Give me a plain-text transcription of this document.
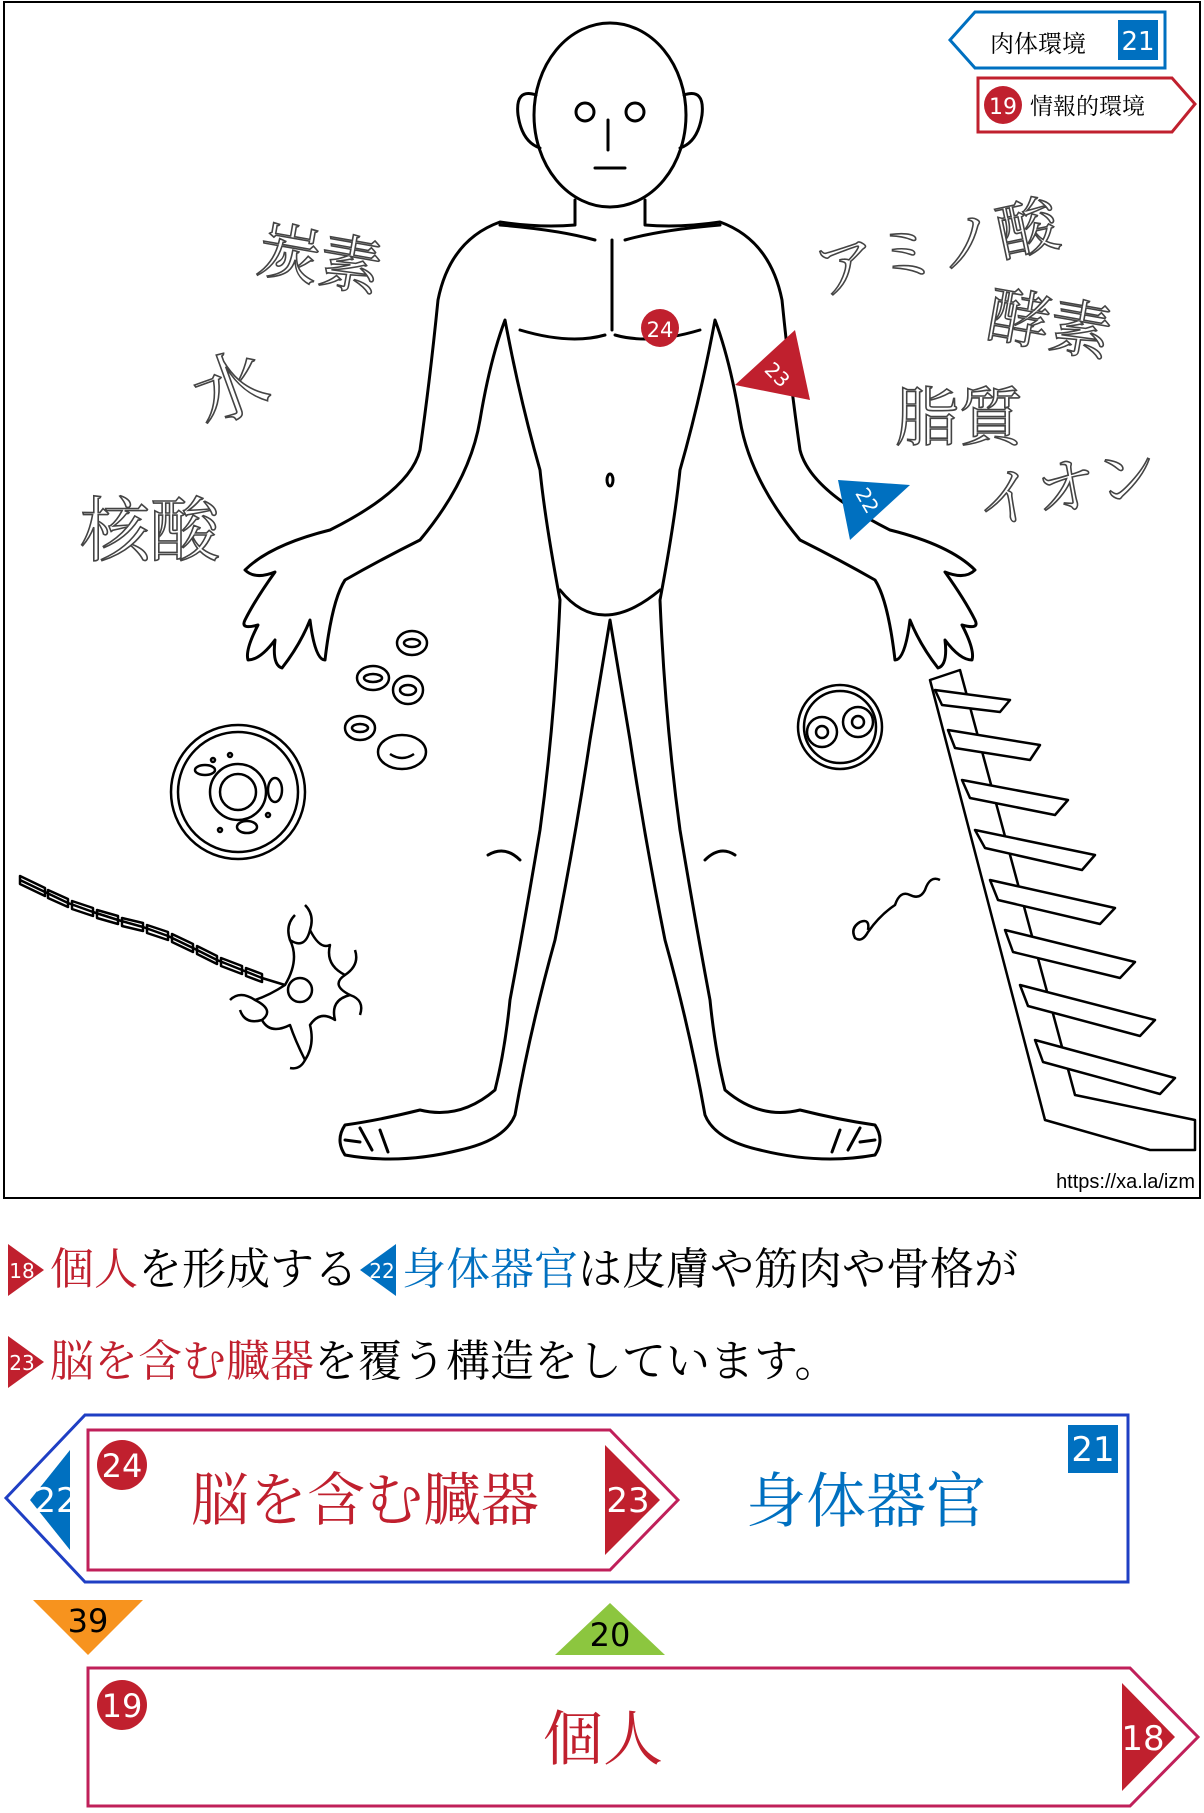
肉体環境 21
19 情報的環境
24
23
22
炭素
水
核酸
アミノ酸
酵素
脂質
イオン
https://xa.la/izm
18 個人を形成する 22 身体器官は皮膚や筋肉や骨格が
23 脳を含む臓器を覆う構造をしています。
22
21
身体器官
23
24 脳を含む臓器
39	20
18
19	個人
